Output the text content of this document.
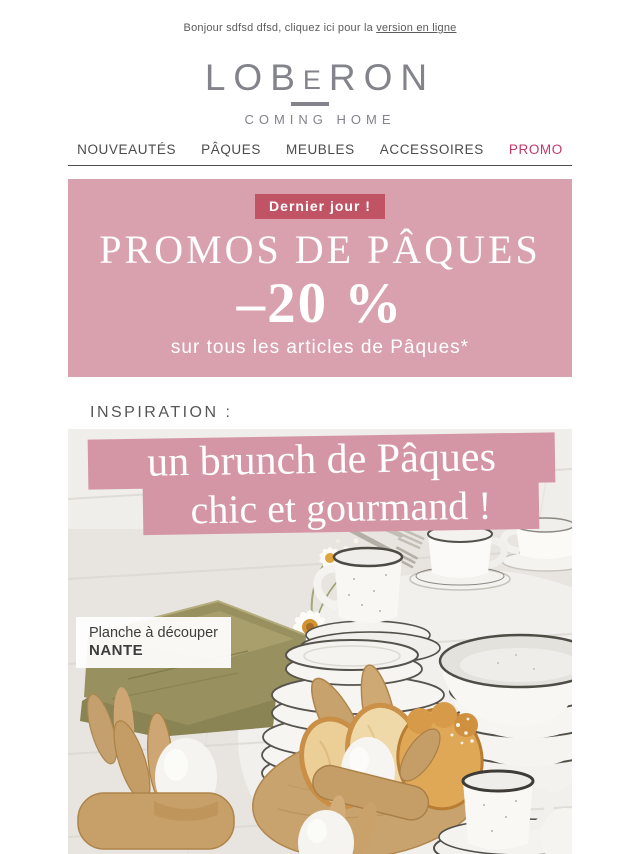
Bonjour sdfsd dfsd, cliquez ici pour la version en ligne
LOBERON
COMING HOME
NOUVEAUTÉS PÂQUES MEUBLES ACCESSOIRES PROMO
Dernier jour !
PROMOS DE PÂQUES
–20 %
sur tous les articles de Pâques*
INSPIRATION :
un brunch de Pâques
chic et gourmand !
Planche à découper
NANTE
